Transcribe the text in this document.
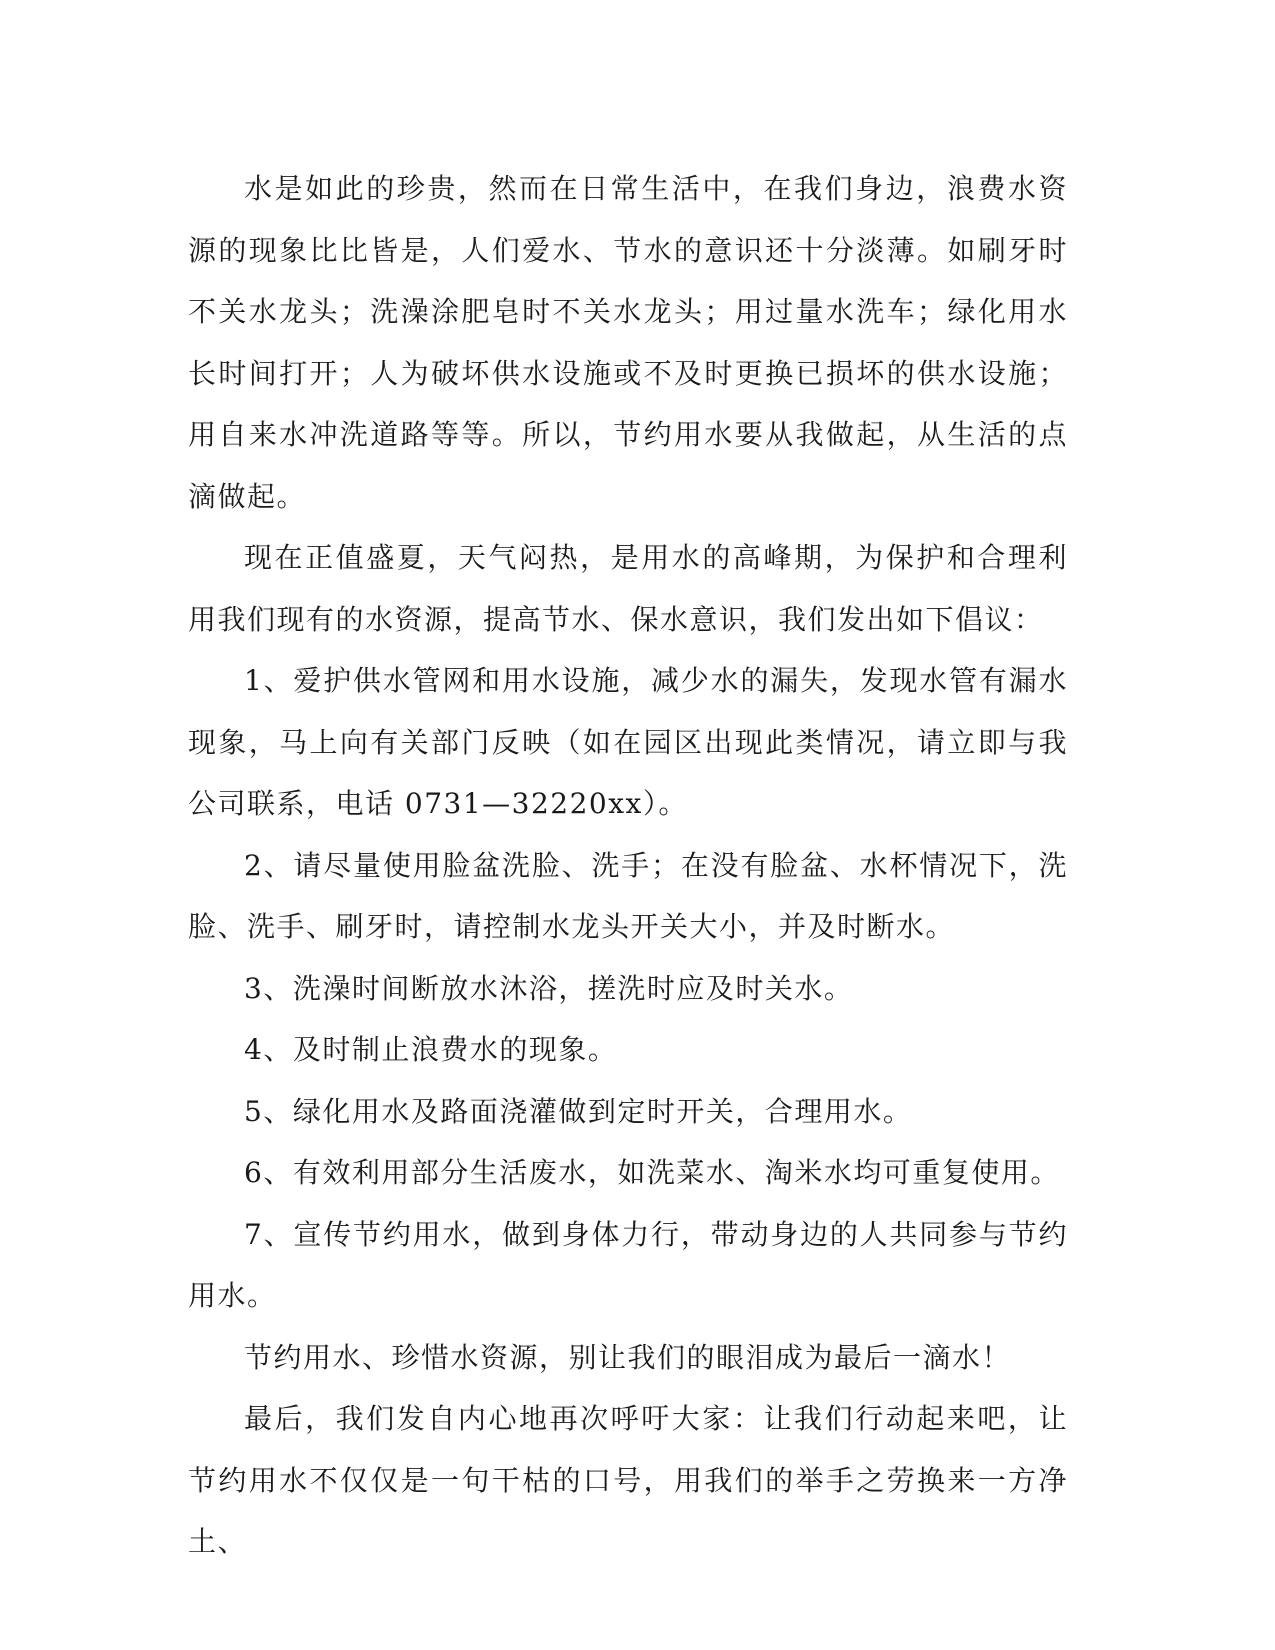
水是如此的珍贵，然而在日常生活中，在我们身边，浪费水资源的现象比比皆是，人们爱水、节水的意识还十分淡薄。如刷牙时不关水龙头；洗澡涂肥皂时不关水龙头；用过量水洗车；绿化用水长时间打开；人为破坏供水设施或不及时更换已损坏的供水设施；用自来水冲洗道路等等。所以，节约用水要从我做起，从生活的点滴做起。

现在正值盛夏，天气闷热，是用水的高峰期，为保护和合理利用我们现有的水资源，提高节水、保水意识，我们发出如下倡议：

1、爱护供水管网和用水设施，减少水的漏失，发现水管有漏水现象，马上向有关部门反映（如在园区出现此类情况，请立即与我公司联系，电话 0731—32220xx）。

2、请尽量使用脸盆洗脸、洗手；在没有脸盆、水杯情况下，洗脸、洗手、刷牙时，请控制水龙头开关大小，并及时断水。

3、洗澡时间断放水沐浴，搓洗时应及时关水。

4、及时制止浪费水的现象。

5、绿化用水及路面浇灌做到定时开关，合理用水。

6、有效利用部分生活废水，如洗菜水、淘米水均可重复使用。

7、宣传节约用水，做到身体力行，带动身边的人共同参与节约用水。

节约用水、珍惜水资源，别让我们的眼泪成为最后一滴水！

最后，我们发自内心地再次呼吁大家：让我们行动起来吧，让节约用水不仅仅是一句干枯的口号，用我们的举手之劳换来一方净土、
